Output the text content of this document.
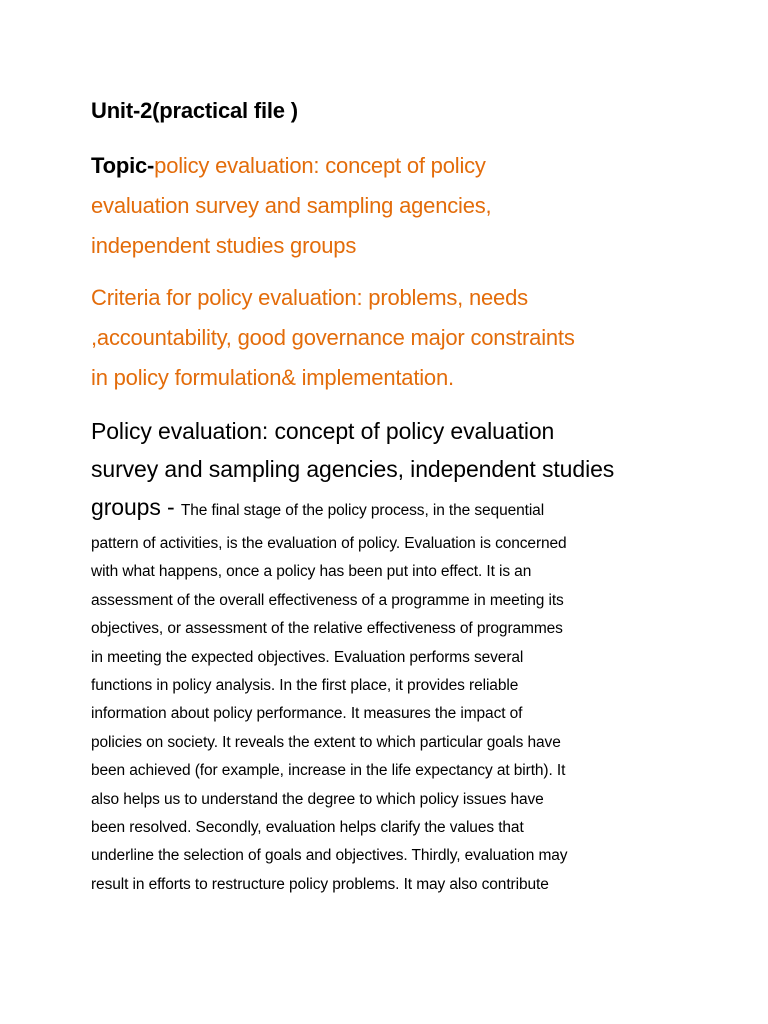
Unit-2(practical file )
Topic-policy evaluation: concept of policy
evaluation survey and sampling agencies,
independent studies groups
Criteria for policy evaluation: problems, needs
,accountability, good governance major constraints
in policy formulation& implementation.
Policy evaluation: concept of policy evaluation
survey and sampling agencies, independent studies
groups - The final stage of the policy process, in the sequential
pattern of activities, is the evaluation of policy. Evaluation is concerned
with what happens, once a policy has been put into effect. It is an
assessment of the overall effectiveness of a programme in meeting its
objectives, or assessment of the relative effectiveness of programmes
in meeting the expected objectives. Evaluation performs several
functions in policy analysis. In the first place, it provides reliable
information about policy performance. It measures the impact of
policies on society. It reveals the extent to which particular goals have
been achieved (for example, increase in the life expectancy at birth). It
also helps us to understand the degree to which policy issues have
been resolved. Secondly, evaluation helps clarify the values that
underline the selection of goals and objectives. Thirdly, evaluation may
result in efforts to restructure policy problems. It may also contribute
